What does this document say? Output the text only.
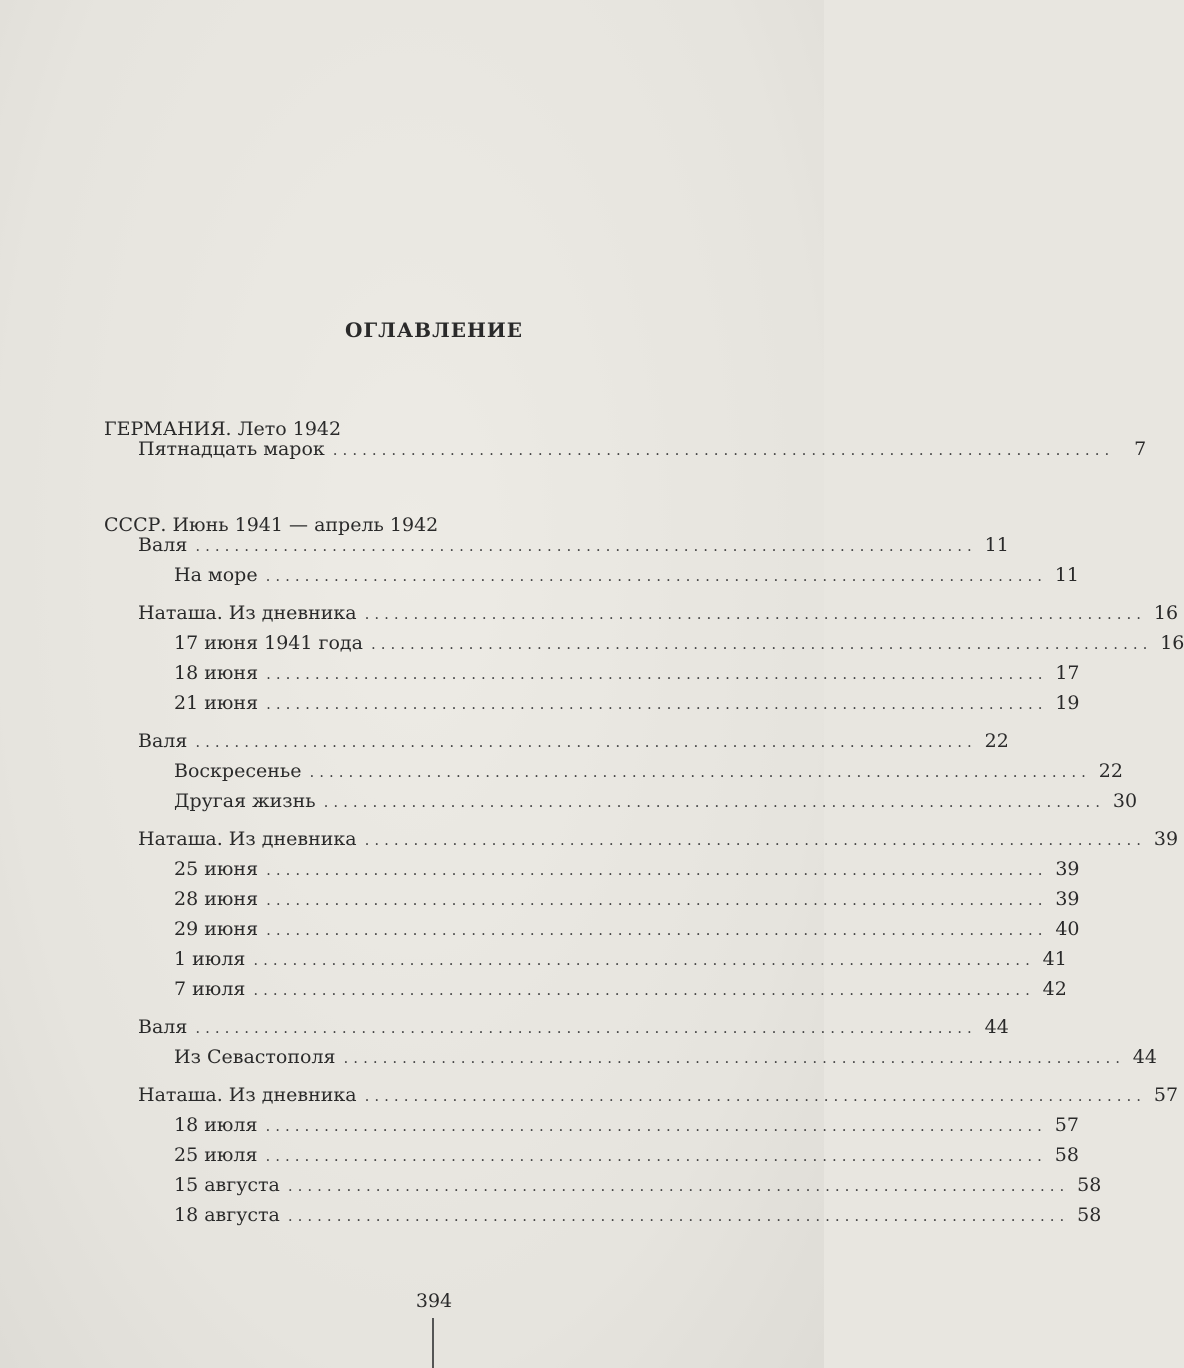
ОГЛАВЛЕНИЕ
ГЕРМАНИЯ. Лето 1942
Пятнадцать марок ................................................................................	7
СССР. Июнь 1941 — апрель 1942
Валя ................................................................................ 11
На море ................................................................................ 11
Наташа. Из дневника ................................................................................ 16
17 июня 1941 года ................................................................................ 16
18 июня ................................................................................ 17
21 июня ................................................................................ 19
Валя ................................................................................ 22
Воскресенье ................................................................................ 22
Другая жизнь ................................................................................ 30
Наташа. Из дневника ................................................................................ 39
25 июня ................................................................................ 39
28 июня ................................................................................ 39
29 июня ................................................................................ 40
1 июля ................................................................................ 41
7 июля ................................................................................ 42
Валя ................................................................................ 44
Из Севастополя ................................................................................ 44
Наташа. Из дневника ................................................................................ 57
18 июля ................................................................................ 57
25 июля ................................................................................ 58
15 августа ................................................................................ 58
18 августа ................................................................................ 58
394
